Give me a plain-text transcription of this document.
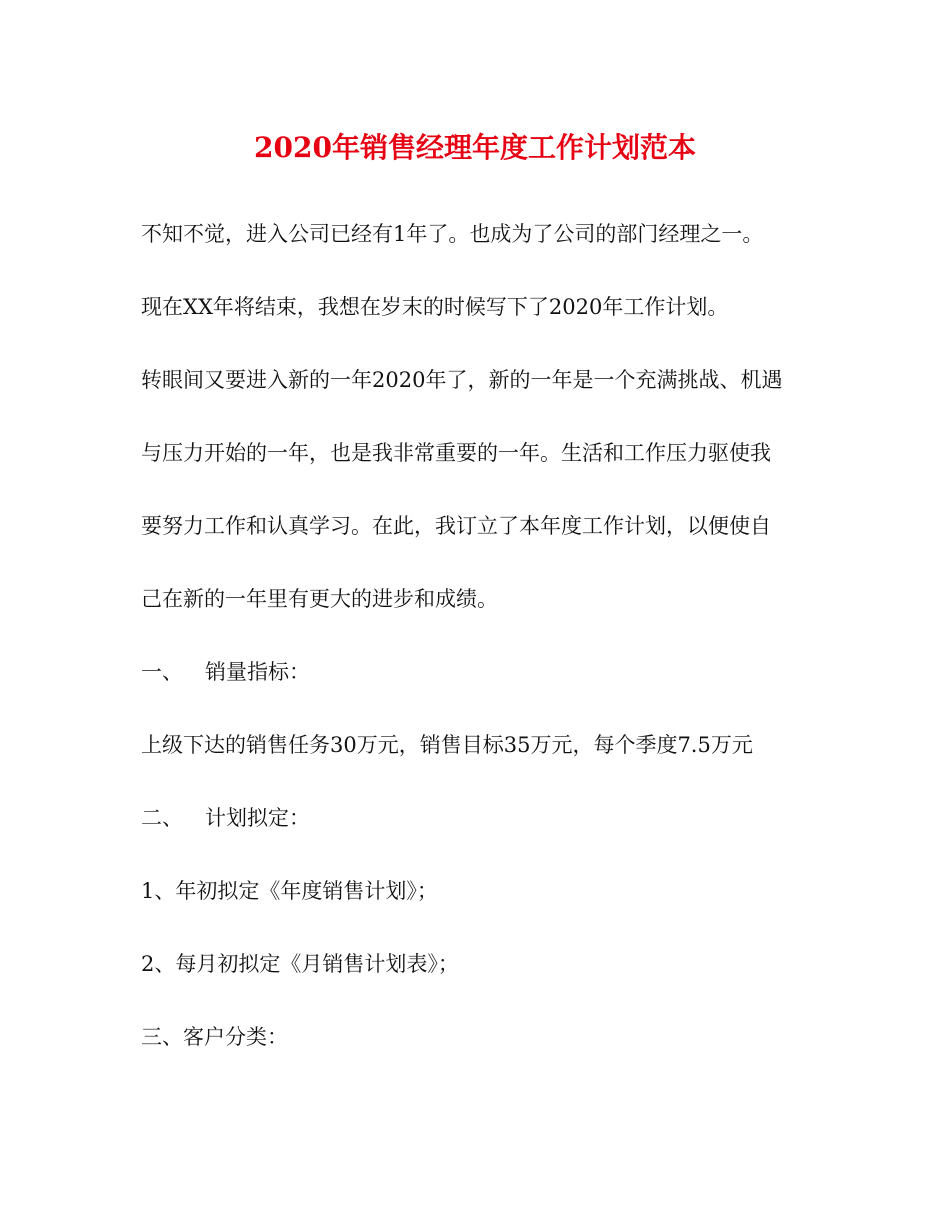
2020年销售经理年度工作计划范本
不知不觉，进入公司已经有1年了。也成为了公司的部门经理之一。
现在XX年将结束，我想在岁末的时候写下了2020年工作计划。
转眼间又要进入新的一年2020年了，新的一年是一个充满挑战、机遇
与压力开始的一年，也是我非常重要的一年。生活和工作压力驱使我
要努力工作和认真学习。在此，我订立了本年度工作计划，以便使自
己在新的一年里有更大的进步和成绩。
一、 销量指标：
上级下达的销售任务30万元，销售目标35万元，每个季度7.5万元
二、 计划拟定：
1、年初拟定《年度销售计划》；
2、每月初拟定《月销售计划表》；
三、客户分类：
